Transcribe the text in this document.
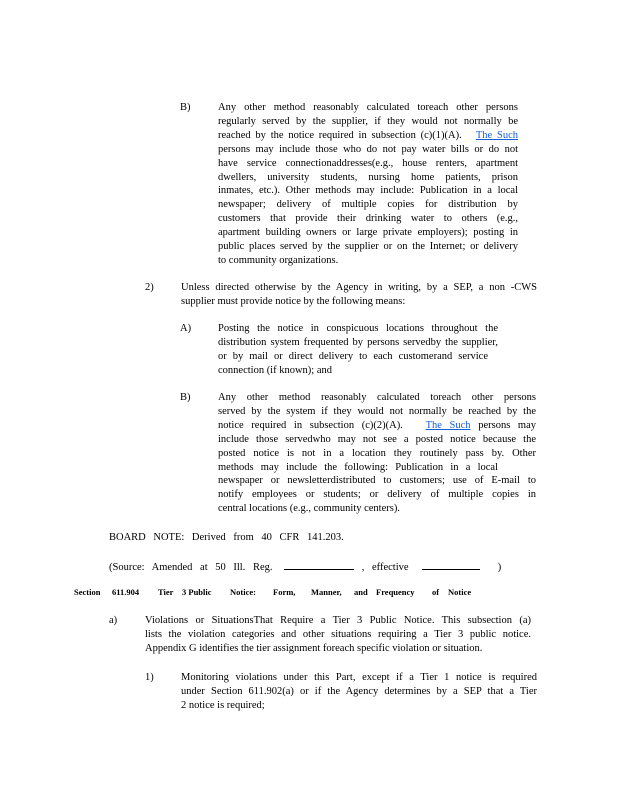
B)	Any other method reasonably calculated toreach other persons
regularly served by the supplier, if they would not normally be
reached by the notice required in subsection (c)(1)(A). The Such
persons may include those who do not pay water bills or do not
have service connectionaddresses(e.g., house renters, apartment
dwellers, university students, nursing home patients, prison
inmates, etc.). Other methods may include: Publication in a local
newspaper; delivery of multiple copies for distribution by
customers that provide their drinking water to others (e.g.,
apartment building owners or large private employers); posting in
public places served by the supplier or on the Internet; or delivery
to community organizations.
2)	Unless directed otherwise by the Agency in writing, by a SEP, a non -CWS
supplier must provide notice by the following means:
A)	Posting the notice in conspicuous locations throughout the
distribution system frequented by persons servedby the supplier,
or by mail or direct delivery to each customerand service
connection (if known); and
B)	Any other method reasonably calculated toreach other persons
served by the system if they would not normally be reached by the
notice required in subsection (c)(2)(A). The Such persons may
include those servedwho may not see a posted notice because the
posted notice is not in a location they routinely pass by. Other
methods may include the following: Publication in a local
newspaper or newsletterdistributed to customers; use of E-mail to
notify employees or students; or delivery of multiple copies in
central locations (e.g., community centers).
BOARD NOTE: Derived from 40 CFR 141.203.
(Source: Amended at 50 Ill. Reg.	, effective	)
Section 611.904 Tier 3 Public Notice: Form, Manner, and Frequency of Notice
a)	Violations or SituationsThat Require a Tier 3 Public Notice. This subsection (a)
lists the violation categories and other situations requiring a Tier 3 public notice.
Appendix G identifies the tier assignment foreach specific violation or situation.
1)	Monitoring violations under this Part, except if a Tier 1 notice is required
under Section 611.902(a) or if the Agency determines by a SEP that a Tier
2 notice is required;
